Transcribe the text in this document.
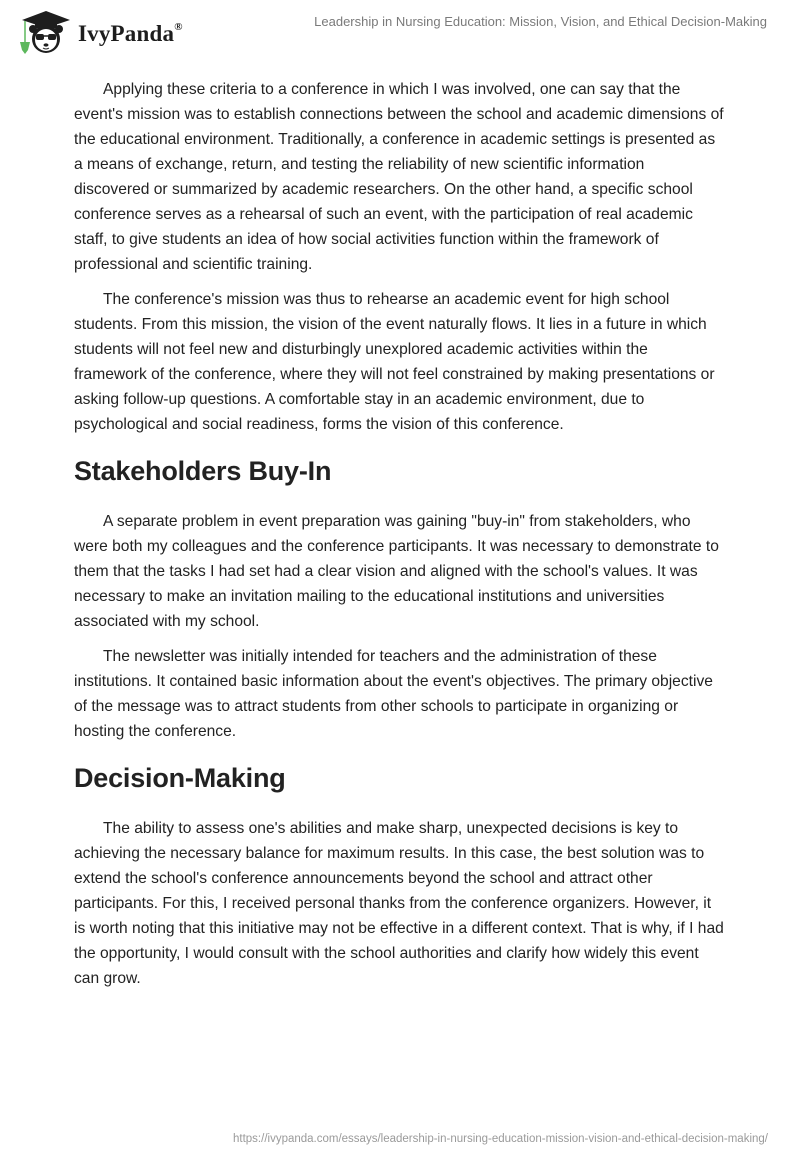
IvyPanda®	Leadership in Nursing Education: Mission, Vision, and Ethical Decision-Making

Applying these criteria to a conference in which I was involved, one can say that the event's mission was to establish connections between the school and academic dimensions of the educational environment. Traditionally, a conference in academic settings is presented as a means of exchange, return, and testing the reliability of new scientific information discovered or summarized by academic researchers. On the other hand, a specific school conference serves as a rehearsal of such an event, with the participation of real academic staff, to give students an idea of how social activities function within the framework of professional and scientific training.

The conference's mission was thus to rehearse an academic event for high school students. From this mission, the vision of the event naturally flows. It lies in a future in which students will not feel new and disturbingly unexplored academic activities within the framework of the conference, where they will not feel constrained by making presentations or asking follow-up questions. A comfortable stay in an academic environment, due to psychological and social readiness, forms the vision of this conference.

Stakeholders Buy-In

A separate problem in event preparation was gaining "buy-in" from stakeholders, who were both my colleagues and the conference participants. It was necessary to demonstrate to them that the tasks I had set had a clear vision and aligned with the school's values. It was necessary to make an invitation mailing to the educational institutions and universities associated with my school.

The newsletter was initially intended for teachers and the administration of these institutions. It contained basic information about the event's objectives. The primary objective of the message was to attract students from other schools to participate in organizing or hosting the conference.

Decision-Making

The ability to assess one's abilities and make sharp, unexpected decisions is key to achieving the necessary balance for maximum results. In this case, the best solution was to extend the school's conference announcements beyond the school and attract other participants. For this, I received personal thanks from the conference organizers. However, it is worth noting that this initiative may not be effective in a different context. That is why, if I had the opportunity, I would consult with the school authorities and clarify how widely this event can grow.

https://ivypanda.com/essays/leadership-in-nursing-education-mission-vision-and-ethical-decision-making/
